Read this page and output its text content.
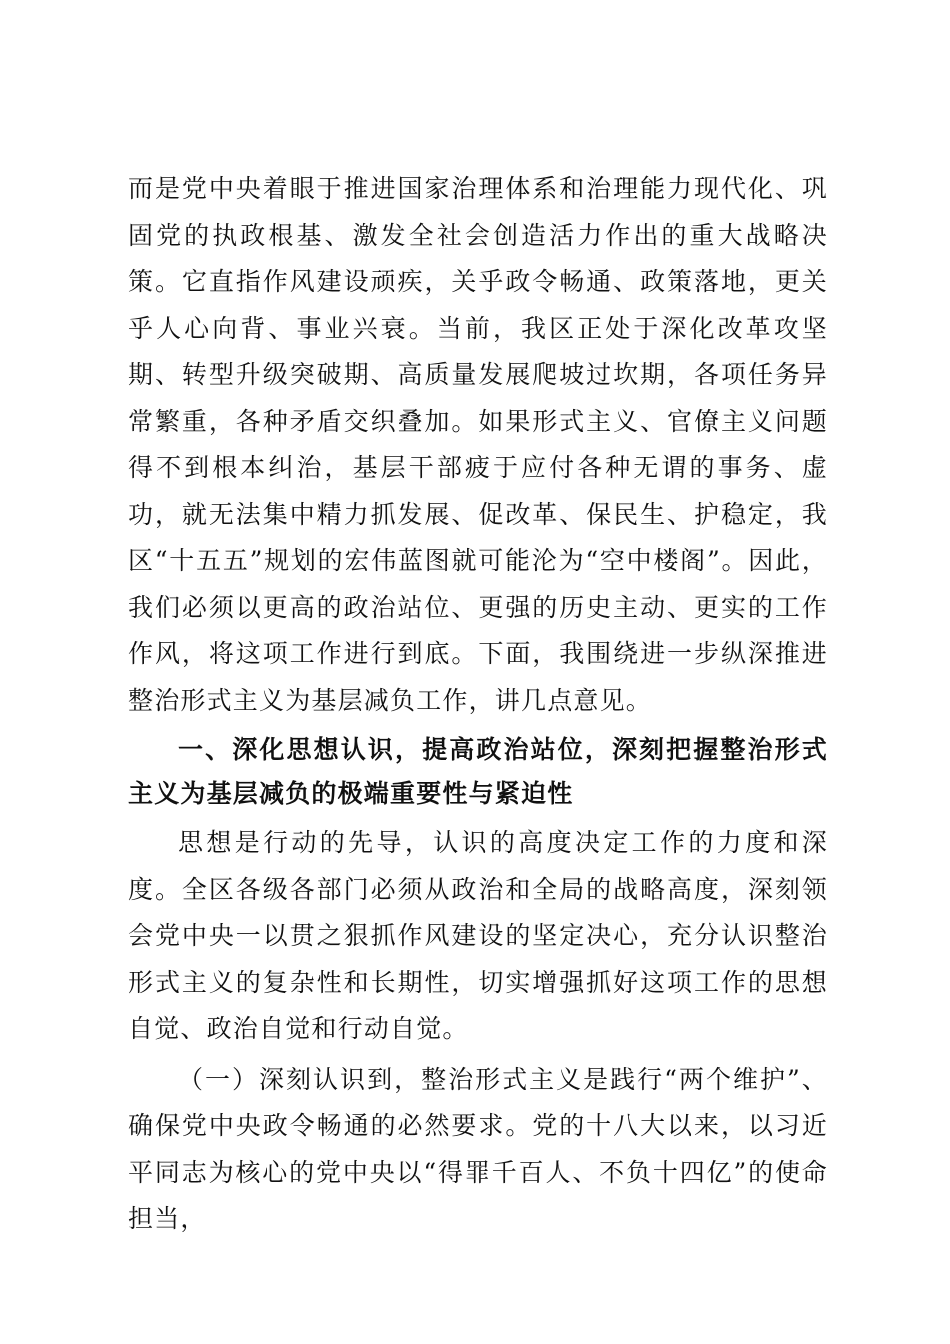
而是党中央着眼于推进国家治理体系和治理能力现代化、巩固党的执政根基、激发全社会创造活力作出的重大战略决策。它直指作风建设顽疾，关乎政令畅通、政策落地，更关乎人心向背、事业兴衰。当前，我区正处于深化改革攻坚期、转型升级突破期、高质量发展爬坡过坎期，各项任务异常繁重，各种矛盾交织叠加。如果形式主义、官僚主义问题得不到根本纠治，基层干部疲于应付各种无谓的事务、虚功，就无法集中精力抓发展、促改革、保民生、护稳定，我区“十五五”规划的宏伟蓝图就可能沦为“空中楼阁”。因此，我们必须以更高的政治站位、更强的历史主动、更实的工作作风，将这项工作进行到底。下面，我围绕进一步纵深推进整治形式主义为基层减负工作，讲几点意见。

一、深化思想认识，提高政治站位，深刻把握整治形式主义为基层减负的极端重要性与紧迫性

思想是行动的先导，认识的高度决定工作的力度和深度。全区各级各部门必须从政治和全局的战略高度，深刻领会党中央一以贯之狠抓作风建设的坚定决心，充分认识整治形式主义的复杂性和长期性，切实增强抓好这项工作的思想自觉、政治自觉和行动自觉。

（一）深刻认识到，整治形式主义是践行“两个维护”、确保党中央政令畅通的必然要求。党的十八大以来，以习近平同志为核心的党中央以“得罪千百人、不负十四亿”的使命担当，
